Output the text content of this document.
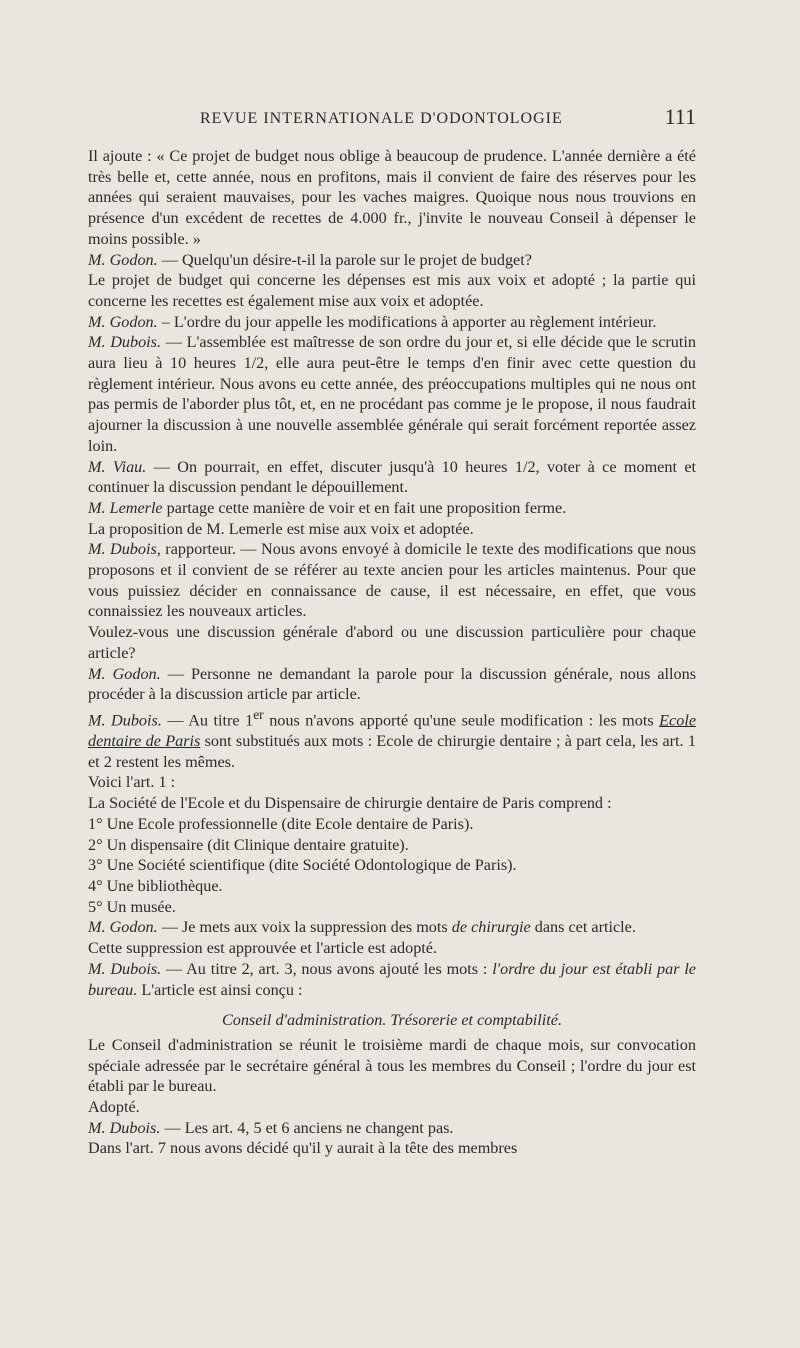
REVUE INTERNATIONALE D'ODONTOLOGIE	111

Il ajoute : « Ce projet de budget nous oblige à beaucoup de prudence. L'année dernière a été très belle et, cette année, nous en profitons, mais il convient de faire des réserves pour les années qui seraient mauvaises, pour les vaches maigres. Quoique nous nous trouvions en présence d'un excédent de recettes de 4.000 fr., j'invite le nouveau Conseil à dépenser le moins possible. »

M. Godon. — Quelqu'un désire-t-il la parole sur le projet de budget?

Le projet de budget qui concerne les dépenses est mis aux voix et adopté ; la partie qui concerne les recettes est également mise aux voix et adoptée.

M. Godon. – L'ordre du jour appelle les modifications à apporter au règlement intérieur.

M. Dubois. — L'assemblée est maîtresse de son ordre du jour et, si elle décide que le scrutin aura lieu à 10 heures 1/2, elle aura peut-être le temps d'en finir avec cette question du règlement intérieur. Nous avons eu cette année, des préoccupations multiples qui ne nous ont pas permis de l'aborder plus tôt, et, en ne procédant pas comme je le propose, il nous faudrait ajourner la discussion à une nouvelle assemblée générale qui serait forcément reportée assez loin.

M. Viau. — On pourrait, en effet, discuter jusqu'à 10 heures 1/2, voter à ce moment et continuer la discussion pendant le dépouillement.

M. Lemerle partage cette manière de voir et en fait une proposition ferme.

La proposition de M. Lemerle est mise aux voix et adoptée.

M. Dubois, rapporteur. — Nous avons envoyé à domicile le texte des modifications que nous proposons et il convient de se référer au texte ancien pour les articles maintenus. Pour que vous puissiez décider en connaissance de cause, il est nécessaire, en effet, que vous connaissiez les nouveaux articles.

Voulez-vous une discussion générale d'abord ou une discussion particulière pour chaque article?

M. Godon. — Personne ne demandant la parole pour la discussion générale, nous allons procéder à la discussion article par article.

M. Dubois. — Au titre 1er nous n'avons apporté qu'une seule modification : les mots Ecole dentaire de Paris sont substitués aux mots : Ecole de chirurgie dentaire ; à part cela, les art. 1 et 2 restent les mêmes.

Voici l'art. 1 :

La Société de l'Ecole et du Dispensaire de chirurgie dentaire de Paris comprend :

1° Une Ecole professionnelle (dite Ecole dentaire de Paris).

2° Un dispensaire (dit Clinique dentaire gratuite).

3° Une Société scientifique (dite Société Odontologique de Paris).

4° Une bibliothèque.

5° Un musée.

M. Godon. — Je mets aux voix la suppression des mots de chirurgie dans cet article.

Cette suppression est approuvée et l'article est adopté.

M. Dubois. — Au titre 2, art. 3, nous avons ajouté les mots : l'ordre du jour est établi par le bureau. L'article est ainsi conçu :

Conseil d'administration. Trésorerie et comptabilité.

Le Conseil d'administration se réunit le troisième mardi de chaque mois, sur convocation spéciale adressée par le secrétaire général à tous les membres du Conseil ; l'ordre du jour est établi par le bureau.

Adopté.

M. Dubois. — Les art. 4, 5 et 6 anciens ne changent pas.

Dans l'art. 7 nous avons décidé qu'il y aurait à la tête des membres
